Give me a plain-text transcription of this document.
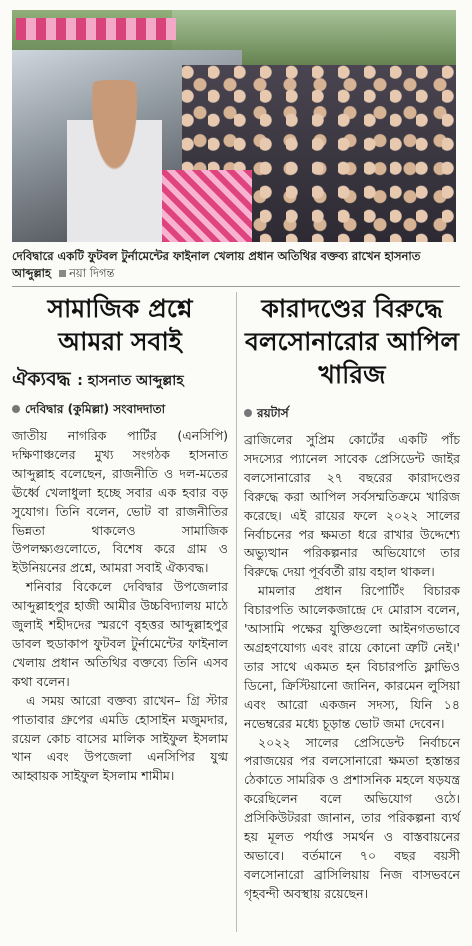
দেবিদ্বারে একটি ফুটবল টুর্নামেন্টের ফাইনাল খেলায় প্রধান অতিথির বক্তব্য রাখেন হাসনাত আব্দুল্লাহ নয়া দিগন্ত
সামাজিক প্রশ্নে আমরা সবাই
ঐক্যবদ্ধ : হাসনাত আব্দুল্লাহ
দেবিদ্বার (কুমিল্লা) সংবাদদাতা

জাতীয় নাগরিক পার্টির (এনসিপি) দক্ষিণাঞ্চলের মুখ্য সংগঠক হাসনাত আব্দুল্লাহ বলেছেন, রাজনীতি ও দল-মতের ঊর্ধ্বে খেলাধুলা হচ্ছে সবার এক হবার বড় সুযোগ। তিনি বলেন, ভোট বা রাজনীতির ভিন্নতা থাকলেও সামাজিক উপলক্ষ্যগুলোতে, বিশেষ করে গ্রাম ও ইউনিয়নের প্রশ্নে, আমরা সবাই ঐক্যবদ্ধ।

শনিবার বিকেলে দেবিদ্বার উপজেলার আব্দুল্লাহপুর হাজী আমীর উচ্চবিদ্যালয় মাঠে জুলাই শহীদদের স্মরণে বৃহত্তর আব্দুল্লাহপুর ডাবল হুডাকাপ ফুটবল টুর্নামেন্টের ফাইনাল খেলায় প্রধান অতিথির বক্তব্যে তিনি এসব কথা বলেন।

এ সময় আরো বক্তব্য রাখেন– গ্রি স্টার পাতাবার গ্রুপের এমডি হোসাইন মজুমদার, রয়েল কোচ বাসের মালিক সাইফুল ইসলাম খান এবং উপজেলা এনসিপির যুগ্ম আহ্বায়ক সাইফুল ইসলাম শামীম।

কারাদণ্ডের বিরুদ্ধে বলসোনারোর আপিল খারিজ
রয়টার্স

ব্রাজিলের সুপ্রিম কোর্টের একটি পাঁচ সদস্যের প্যানেল সাবেক প্রেসিডেন্ট জাইর বলসোনারোর ২৭ বছরের কারাদণ্ডের বিরুদ্ধে করা আপিল সর্বসম্মতিক্রমে খারিজ করেছে। এই রায়ের ফলে ২০২২ সালের নির্বাচনের পর ক্ষমতা ধরে রাখার উদ্দেশ্যে অভ্যুত্থান পরিকল্পনার অভিযোগে তার বিরুদ্ধে দেয়া পূর্ববর্তী রায় বহাল থাকল।

মামলার প্রধান রিপোর্টিং বিচারক বিচারপতি আলেকজান্দ্রে দে মোরাস বলেন, 'আসামি পক্ষের যুক্তিগুলো আইনগতভাবে অগ্রহণযোগ্য এবং রায়ে কোনো ত্রুটি নেই।' তার সাথে একমত হন বিচারপতি ফ্লাভিও ডিনো, ক্রিস্টিয়ানো জানিন, কারমেন লুসিয়া এবং আরো একজন সদস্য, যিনি ১৪ নভেম্বরের মধ্যে চূড়ান্ত ভোট জমা দেবেন।

২০২২ সালের প্রেসিডেন্ট নির্বাচনে পরাজয়ের পর বলসোনারো ক্ষমতা হস্তান্তর ঠেকাতে সামরিক ও প্রশাসনিক মহলে ষড়যন্ত্র করেছিলেন বলে অভিযোগ ওঠে। প্রসিকিউটররা জানান, তার পরিকল্পনা ব্যর্থ হয় মূলত পর্যাপ্ত সমর্থন ও বাস্তবায়নের অভাবে। বর্তমানে ৭০ বছর বয়সী বলসোনারো ব্রাসিলিয়ায় নিজ বাসভবনে গৃহবন্দী অবস্থায় রয়েছেন।
